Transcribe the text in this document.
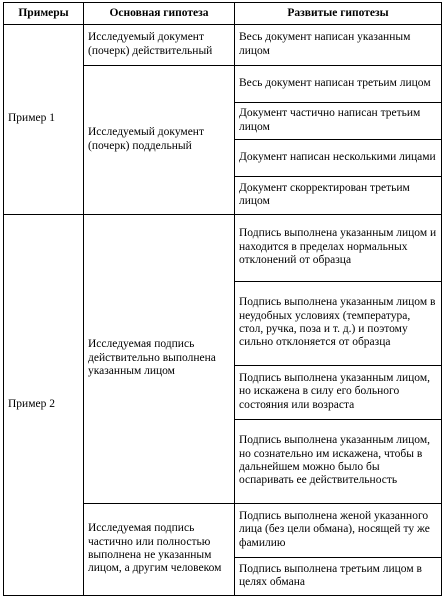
Примеры	Основная гипотеза	Развитые гипотезы
Пример 1	Исследуемый документ (почерк) действительный	Весь документ написан указанным лицом
	Исследуемый документ (почерк) поддельный	Весь документ написан третьим лицом
		Документ частично написан третьим лицом
		Документ написан несколькими лицами
		Документ скорректирован третьим лицом
Пример 2	Исследуемая подпись действительно выполнена указанным лицом	Подпись выполнена указанным лицом и находится в пределах нормальных отклонений от образца
		Подпись выполнена указанным лицом в неудобных условиях (температура, стол, ручка, поза и т. д.) и поэтому сильно отклоняется от образца
		Подпись выполнена указанным лицом, но искажена в силу его больного состояния или возраста
		Подпись выполнена указанным лицом, но сознательно им искажена, чтобы в дальнейшем можно было бы оспаривать ее действительность
	Исследуемая подпись частично или полностью выполнена не указанным лицом, а другим человеком	Подпись выполнена женой указанного лица (без цели обмана), носящей ту же фамилию
		Подпись выполнена третьим лицом в целях обмана
